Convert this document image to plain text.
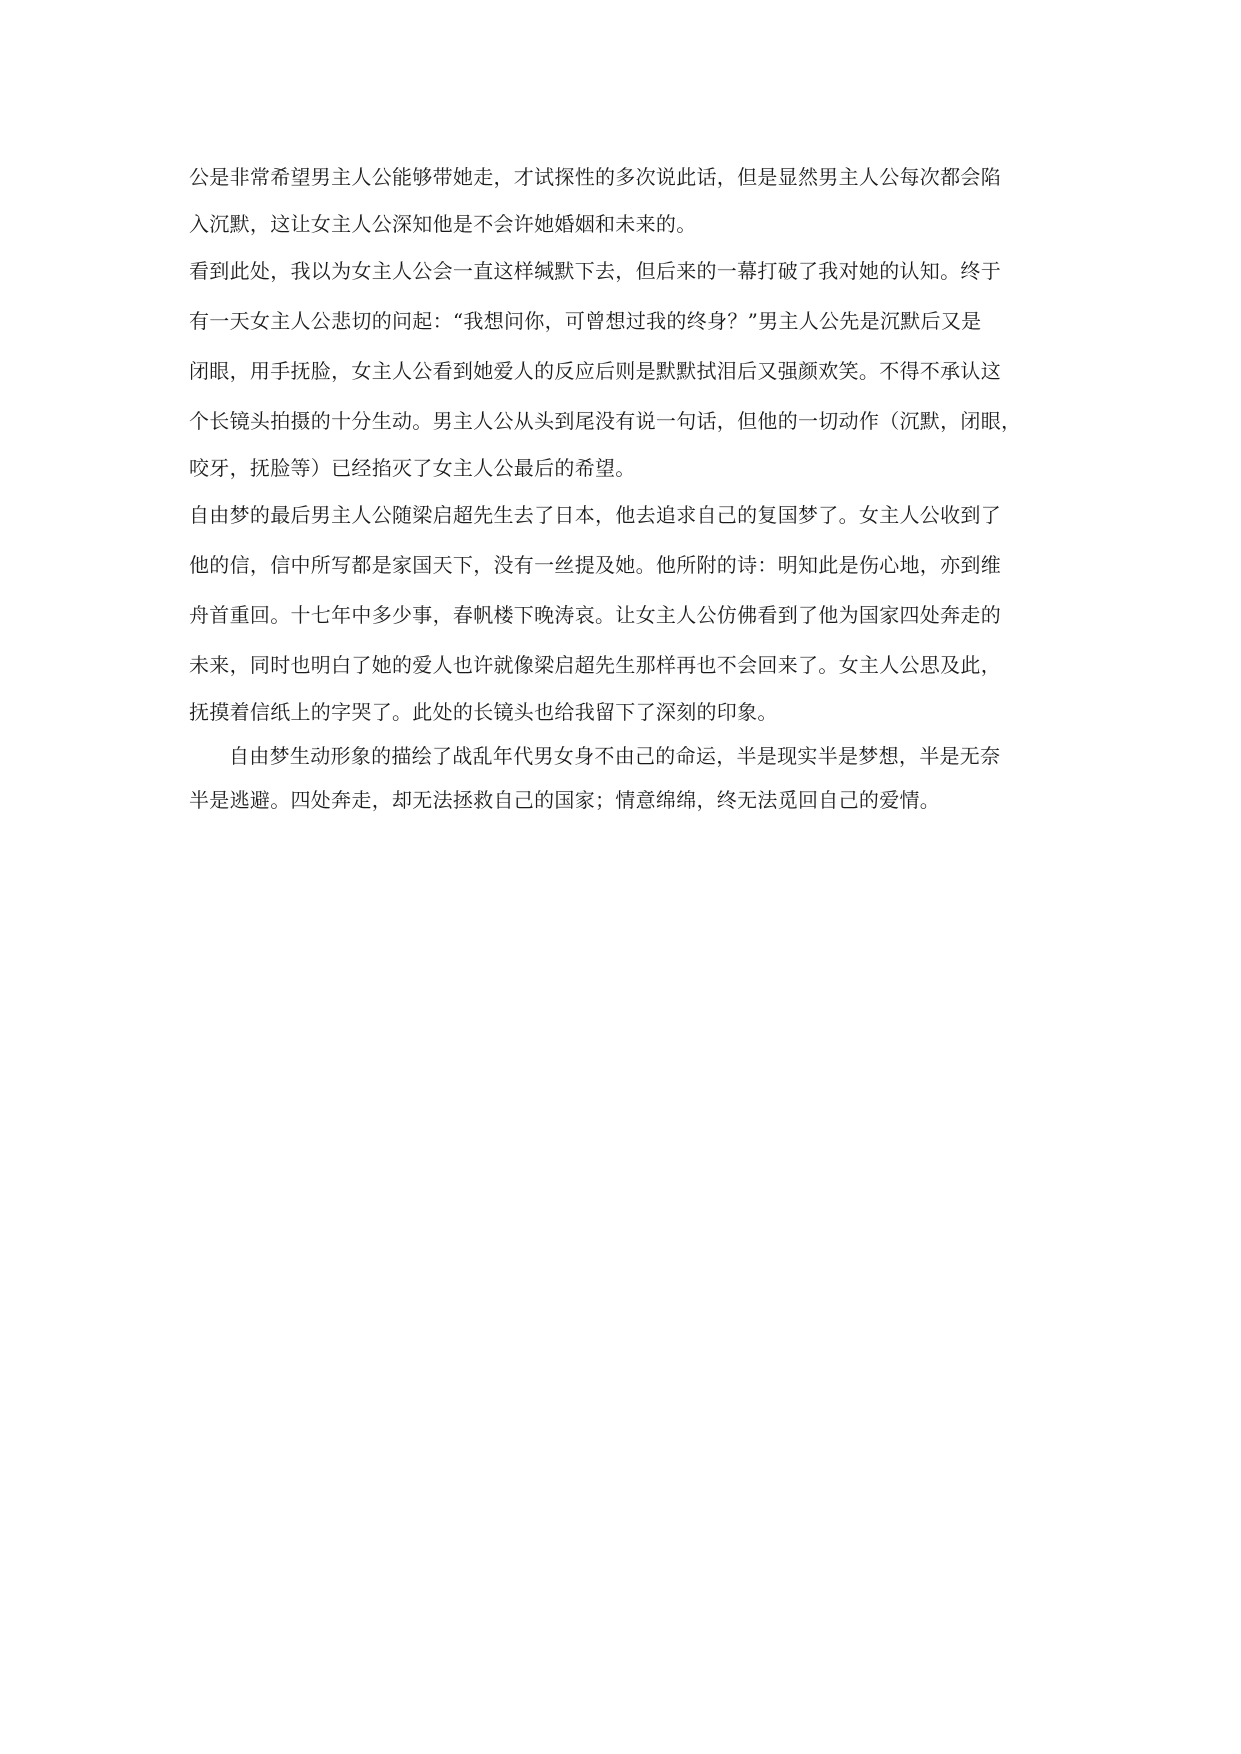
公是非常希望男主人公能够带她走，才试探性的多次说此话，但是显然男主人公每次都会陷
入沉默，这让女主人公深知他是不会许她婚姻和未来的。
看到此处，我以为女主人公会一直这样缄默下去，但后来的一幕打破了我对她的认知。终于
有一天女主人公悲切的问起：“我想问你，可曾想过我的终身？”男主人公先是沉默后又是
闭眼，用手抚脸，女主人公看到她爱人的反应后则是默默拭泪后又强颜欢笑。不得不承认这
个长镜头拍摄的十分生动。男主人公从头到尾没有说一句话，但他的一切动作（沉默，闭眼，
咬牙，抚脸等）已经掐灭了女主人公最后的希望。
自由梦的最后男主人公随梁启超先生去了日本，他去追求自己的复国梦了。女主人公收到了
他的信，信中所写都是家国天下，没有一丝提及她。他所附的诗：明知此是伤心地，亦到维
舟首重回。十七年中多少事，春帆楼下晚涛哀。让女主人公仿佛看到了他为国家四处奔走的
未来，同时也明白了她的爱人也许就像梁启超先生那样再也不会回来了。女主人公思及此，
抚摸着信纸上的字哭了。此处的长镜头也给我留下了深刻的印象。
自由梦生动形象的描绘了战乱年代男女身不由己的命运，半是现实半是梦想，半是无奈
半是逃避。四处奔走，却无法拯救自己的国家；情意绵绵，终无法觅回自己的爱情。
